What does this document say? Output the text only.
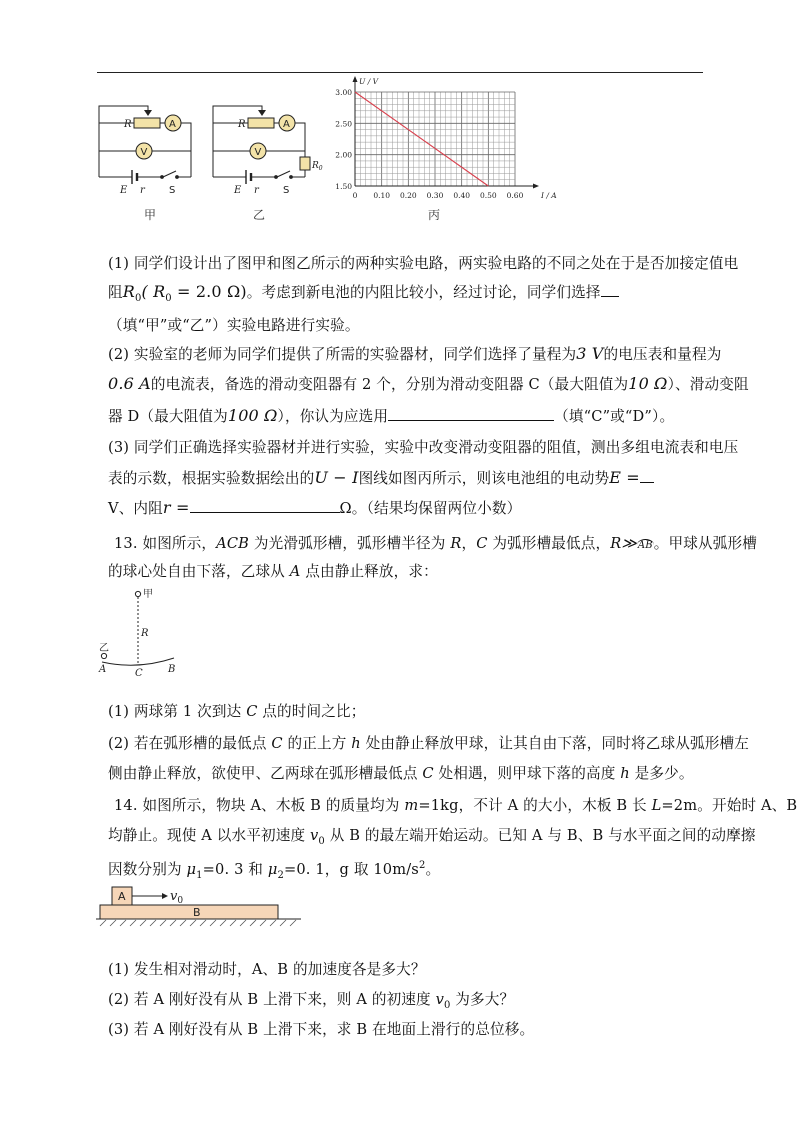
R	A
V
E r S
甲
R	A
V
$R_0$
E r S
乙
0 0.10 0.20 0.30 0.40 0.50 0.60
3.00
2.50
2.00
1.50
I / A
U / V
丙
(1) 同学们设计出了图甲和图乙所示的两种实验电路，两实验电路的不同之处在于是否加接定值电
阻$R_0$( $R_0 = 2.0$ Ω)。考虑到新电池的内阻比较小，经过讨论，同学们选择
（填“甲”或“乙”）实验电路进行实验。
(2) 实验室的老师为同学们提供了所需的实验器材，同学们选择了量程为3 V的电压表和量程为
0.6 A的电流表，备选的滑动变阻器有 2 个，分别为滑动变阻器 C（最大阻值为10 Ω）、滑动变阻
器 D（最大阻值为100 Ω），你认为应选用	（填“C”或“D”）。
(3) 同学们正确选择实验器材并进行实验，实验中改变滑动变阻器的阻值，测出多组电流表和电压
表的示数，根据实验数据绘出的U − I图线如图丙所示，则该电池组的电动势E =
V、内阻r =	Ω。（结果均保留两位小数）
13. 如图所示，ACB 为光滑弧形槽，弧形槽半径为 R，C 为弧形槽最低点，R≫AB。甲球从弧形槽
的球心处自由下落，乙球从 A 点由静止释放，求：
甲
R
乙
A	C	B
(1) 两球第 1 次到达 C 点的时间之比；
(2) 若在弧形槽的最低点 C 的正上方 h 处由静止释放甲球，让其自由下落，同时将乙球从弧形槽左
侧由静止释放，欲使甲、乙两球在弧形槽最低点 C 处相遇，则甲球下落的高度 h 是多少。
14. 如图所示，物块 A、木板 B 的质量均为 m=1kg，不计 A 的大小，木板 B 长 L=2m。开始时 A、B
均静止。现使 A 以水平初速度 $v_0$ 从 B 的最左端开始运动。已知 A 与 B、B 与水平面之间的动摩擦
因数分别为 $\mu_1=0$. 3 和 $\mu_2=0$. 1，g 取 $10m/s^2$。
A
B
$v_0$
(1) 发生相对滑动时，A、B 的加速度各是多大？
(2) 若 A 刚好没有从 B 上滑下来，则 A 的初速度 $v_0$ 为多大？
(3) 若 A 刚好没有从 B 上滑下来，求 B 在地面上滑行的总位移。
